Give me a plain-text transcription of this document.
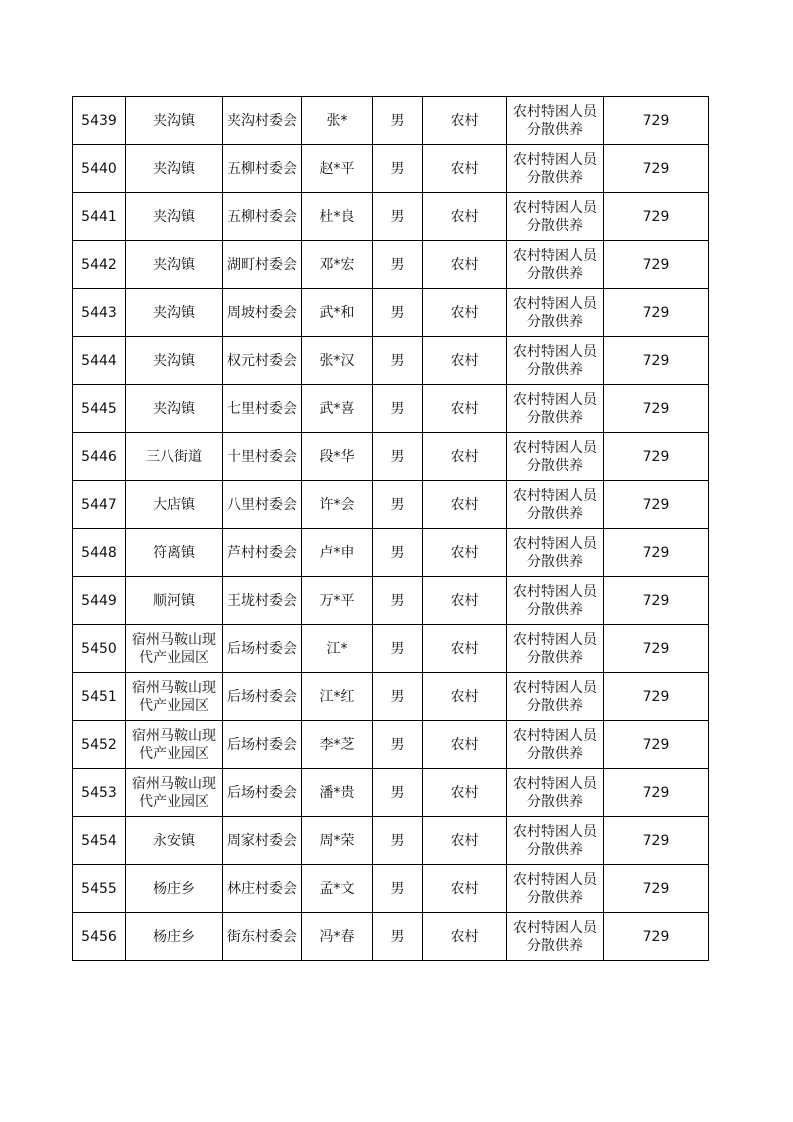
5439	夹沟镇	夹沟村委会	张*	男	农村	农村特困人员分散供养	729
5440	夹沟镇	五柳村委会	赵*平	男	农村	农村特困人员分散供养	729
5441	夹沟镇	五柳村委会	杜*良	男	农村	农村特困人员分散供养	729
5442	夹沟镇	湖町村委会	邓*宏	男	农村	农村特困人员分散供养	729
5443	夹沟镇	周坡村委会	武*和	男	农村	农村特困人员分散供养	729
5444	夹沟镇	权元村委会	张*汉	男	农村	农村特困人员分散供养	729
5445	夹沟镇	七里村委会	武*喜	男	农村	农村特困人员分散供养	729
5446	三八街道	十里村委会	段*华	男	农村	农村特困人员分散供养	729
5447	大店镇	八里村委会	许*会	男	农村	农村特困人员分散供养	729
5448	符离镇	芦村村委会	卢*申	男	农村	农村特困人员分散供养	729
5449	顺河镇	王垅村委会	万*平	男	农村	农村特困人员分散供养	729
5450	宿州马鞍山现代产业园区	后场村委会	江*	男	农村	农村特困人员分散供养	729
5451	宿州马鞍山现代产业园区	后场村委会	江*红	男	农村	农村特困人员分散供养	729
5452	宿州马鞍山现代产业园区	后场村委会	李*芝	男	农村	农村特困人员分散供养	729
5453	宿州马鞍山现代产业园区	后场村委会	潘*贵	男	农村	农村特困人员分散供养	729
5454	永安镇	周家村委会	周*荣	男	农村	农村特困人员分散供养	729
5455	杨庄乡	林庄村委会	孟*文	男	农村	农村特困人员分散供养	729
5456	杨庄乡	街东村委会	冯*春	男	农村	农村特困人员分散供养	729
